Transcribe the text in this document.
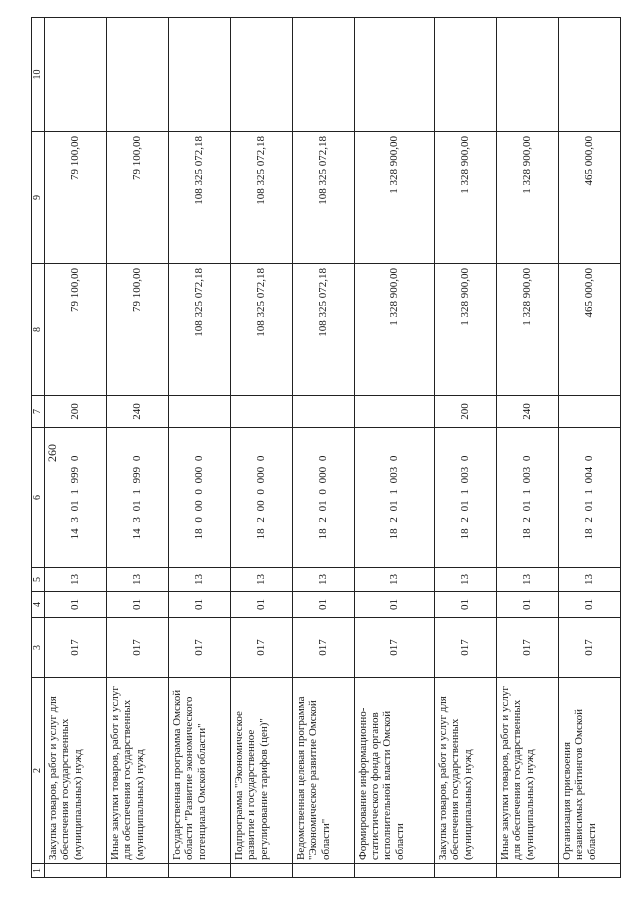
260
1	2	3	4	5	6	7	8	9	10
	Закупка товаров, работ и услуг для обеспечения государственных (муниципальных) нужд	017	01	13	14 3 01 1 999 0	200	79 100,00	79 100,00	
	Иные закупки товаров, работ и услуг для обеспечения государственных (муниципальных) нужд	017	01	13	14 3 01 1 999 0	240	79 100,00	79 100,00	
	Государственная программа Омской области "Развитие экономического потенциала Омской области"	017	01	13	18 0 00 0 000 0		108 325 072,18	108 325 072,18	
	Подпрограмма "Экономическое развитие и государственное регулирование тарифов (цен)"	017	01	13	18 2 00 0 000 0		108 325 072,18	108 325 072,18	
	Ведомственная целевая программа "Экономическое развитие Омской области"	017	01	13	18 2 01 0 000 0		108 325 072,18	108 325 072,18	
	Формирование информационно-статистического фонда органов исполнительной власти Омской области	017	01	13	18 2 01 1 003 0		1 328 900,00	1 328 900,00	
	Закупка товаров, работ и услуг для обеспечения государственных (муниципальных) нужд	017	01	13	18 2 01 1 003 0	200	1 328 900,00	1 328 900,00	
	Иные закупки товаров, работ и услуг для обеспечения государственных (муниципальных) нужд	017	01	13	18 2 01 1 003 0	240	1 328 900,00	1 328 900,00	
	Организация присвоения независимых рейтингов Омской области	017	01	13	18 2 01 1 004 0		465 000,00	465 000,00	
